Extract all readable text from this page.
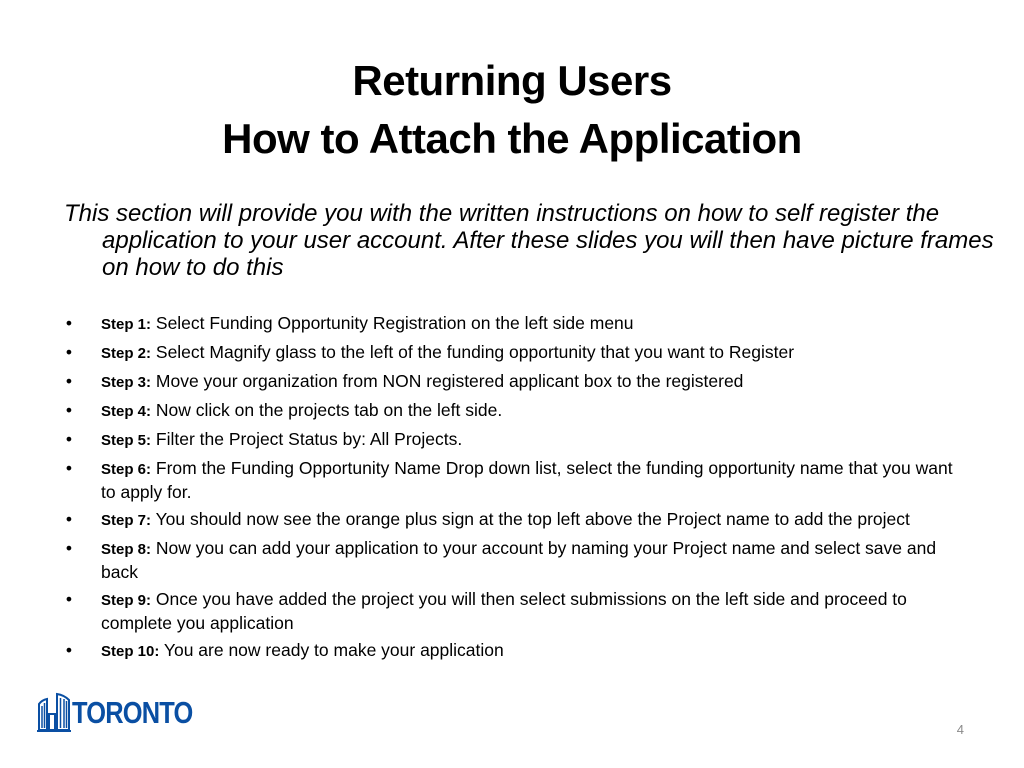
Returning Users
How to Attach the Application
This section will provide you with the written instructions on how to self register the application to your user account. After these slides you will then have picture frames on how to do this
• Step 1: Select Funding Opportunity Registration on the left side menu
• Step 2: Select Magnify glass to the left of the funding opportunity that you want to Register
• Step 3: Move your organization from NON registered applicant box to the registered
• Step 4: Now click on the projects tab on the left side.
• Step 5: Filter the Project Status by: All Projects.
• Step 6: From the Funding Opportunity Name Drop down list, select the funding opportunity name that you want to apply for.
• Step 7: You should now see the orange plus sign at the top left above the Project name to add the project
• Step 8: Now you can add your application to your account by naming your Project name and select save and back
• Step 9: Once you have added the project you will then select submissions on the left side and proceed to complete you application
• Step 10: You are now ready to make your application
TORONTO	4
